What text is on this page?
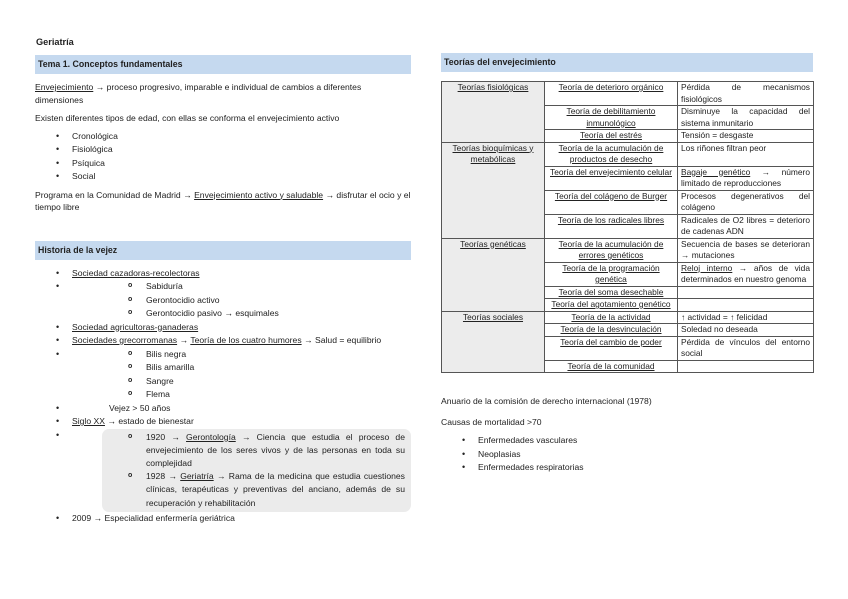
Geriatría
Tema 1. Conceptos fundamentales

Envejecimiento → proceso progresivo, imparable e individual de cambios a diferentes dimensiones

Existen diferentes tipos de edad, con ellas se conforma el envejecimiento activo

• Cronológica
• Fisiológica
• Psíquica
• Social

Programa en la Comunidad de Madrid → Envejecimiento activo y saludable → disfrutar el ocio y el tiempo libre

Historia de la vejez
• Sociedad cazadoras-recolectoras
o • Sabiduría
o Gerontocidio activo
o Gerontocidio pasivo → esquimales
• Sociedad agricultoras-ganaderas
• Sociedades grecorromanas → Teoría de los cuatro humores → Salud = equilibrio
o • Bilis negra
o Bilis amarilla
o Sangre
o Flema
• Vejez > 50 años
• Siglo XX → estado de bienestar
o • 1920 → Gerontología → Ciencia que estudia el proceso de envejecimiento de los seres vivos y de las personas en toda su complejidad
o 1928 → Geriatría → Rama de la medicina que estudia cuestiones clínicas, terapéuticas y preventivas del anciano, además de su recuperación y rehabilitación
• 2009 → Especialidad enfermería geriátrica
Teorías del envejecimiento
Teorías fisiológicas	Teoría de deterioro orgánico	Pérdida de mecanismos fisiológicos
	Teoría de debilitamiento inmunológico	Disminuye la capacidad del sistema inmunitario
	Teoría del estrés	Tensión = desgaste
Teorías bioquímicas y metabólicas	Teoría de la acumulación de productos de desecho	Los riñones filtran peor
	Teoría del envejecimiento celular	Bagaje genético → número limitado de reproducciones
	Teoría del colágeno de Burger	Procesos degenerativos del colágeno
	Teoría de los radicales libres	Radicales de O2 libres = deterioro de cadenas ADN
Teorías genéticas	Teoría de la acumulación de errores genéticos	Secuencia de bases se deterioran → mutaciones
	Teoría de la programación genética	Reloj interno → años de vida determinados en nuestro genoma
	Teoría del soma desechable	
	Teoría del agotamiento genético	
Teorías sociales	Teoría de la actividad	↑ actividad = ↑ felicidad
	Teoría de la desvinculación	Soledad no deseada
	Teoría del cambio de poder	Pérdida de vínculos del entorno social
	Teoría de la comunidad	

Anuario de la comisión de derecho internacional (1978)

Causas de mortalidad >70

• Enfermedades vasculares
• Neoplasias
• Enfermedades respiratorias
